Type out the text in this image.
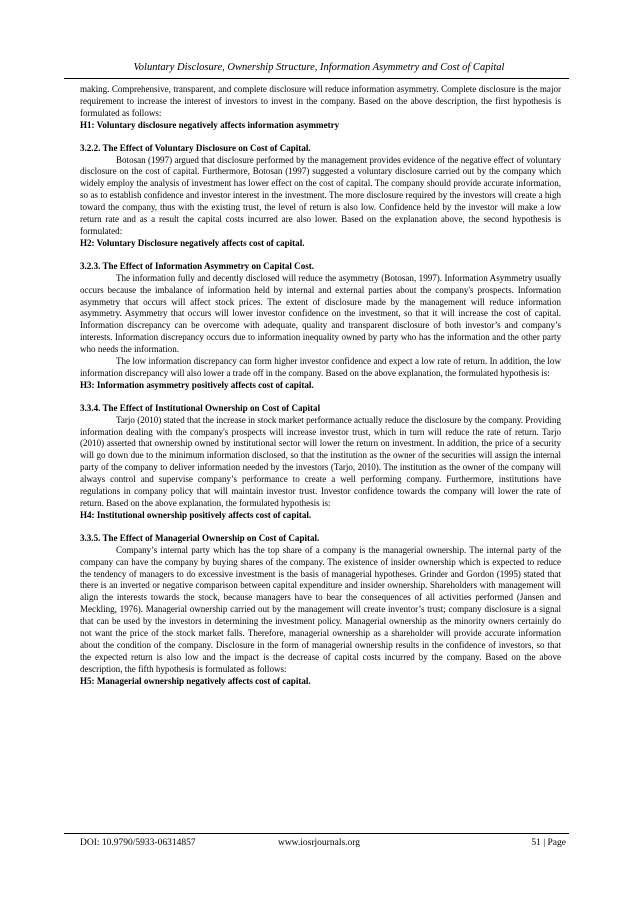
Voluntary Disclosure, Ownership Structure, Information Asymmetry and Cost of Capital

making. Comprehensive, transparent, and complete disclosure will reduce information asymmetry. Complete disclosure is the major requirement to increase the interest of investors to invest in the company. Based on the above description, the first hypothesis is formulated as follows:

H1: Voluntary disclosure negatively affects information asymmetry

3.2.2. The Effect of Voluntary Disclosure on Cost of Capital.

Botosan (1997) argued that disclosure performed by the management provides evidence of the negative effect of voluntary disclosure on the cost of capital. Furthermore, Botosan (1997) suggested a voluntary disclosure carried out by the company which widely employ the analysis of investment has lower effect on the cost of capital. The company should provide accurate information, so as to establish confidence and investor interest in the investment. The more disclosure required by the investors will create a high toward the company, thus with the existing trust, the level of return is also low. Confidence held by the investor will make a low return rate and as a result the capital costs incurred are also lower. Based on the explanation above, the second hypothesis is formulated:

H2: Voluntary Disclosure negatively affects cost of capital.

3.2.3. The Effect of Information Asymmetry on Capital Cost.

The information fully and decently disclosed will reduce the asymmetry (Botosan, 1997). Information Asymmetry usually occurs because the imbalance of information held by internal and external parties about the company's prospects. Information asymmetry that occurs will affect stock prices. The extent of disclosure made by the management will reduce information asymmetry. Asymmetry that occurs will lower investor confidence on the investment, so that it will increase the cost of capital. Information discrepancy can be overcome with adequate, quality and transparent disclosure of both investor’s and company’s interests. Information discrepancy occurs due to information inequality owned by party who has the information and the other party who needs the information.

The low information discrepancy can form higher investor confidence and expect a low rate of return. In addition, the low information discrepancy will also lower a trade off in the company. Based on the above explanation, the formulated hypothesis is:

H3: Information asymmetry positively affects cost of capital.

3.3.4. The Effect of Institutional Ownership on Cost of Capital

Tarjo (2010) stated that the increase in stock market performance actually reduce the disclosure by the company. Providing information dealing with the company's prospects will increase investor trust, which in turn will reduce the rate of return. Tarjo (2010) asserted that ownership owned by institutional sector will lower the return on investment. In addition, the price of a security will go down due to the minimum information disclosed, so that the institution as the owner of the securities will assign the internal party of the company to deliver information needed by the investors (Tarjo, 2010). The institution as the owner of the company will always control and supervise company’s performance to create a well performing company. Furthermore, institutions have regulations in company policy that will maintain investor trust. Investor confidence towards the company will lower the rate of return. Based on the above explanation, the formulated hypothesis is:

H4: Institutional ownership positively affects cost of capital.

3.3.5. The Effect of Managerial Ownership on Cost of Capital.

Company’s internal party which has the top share of a company is the managerial ownership. The internal party of the company can have the company by buying shares of the company. The existence of insider ownership which is expected to reduce the tendency of managers to do excessive investment is the basis of managerial hypotheses. Grinder and Gordon (1995) stated that there is an inverted or negative comparison between capital expenditure and insider ownership. Shareholders with management will align the interests towards the stock, because managers have to bear the consequences of all activities performed (Jansen and Meckling, 1976). Managerial ownership carried out by the management will create inventor’s trust; company disclosure is a signal that can be used by the investors in determining the investment policy. Managerial ownership as the minority owners certainly do not want the price of the stock market falls. Therefore, managerial ownership as a shareholder will provide accurate information about the condition of the company. Disclosure in the form of managerial ownership results in the confidence of investors, so that the expected return is also low and the impact is the decrease of capital costs incurred by the company. Based on the above description, the fifth hypothesis is formulated as follows:

H5: Managerial ownership negatively affects cost of capital.

DOI: 10.9790/5933-06314857	www.iosrjournals.org	51 | Page
